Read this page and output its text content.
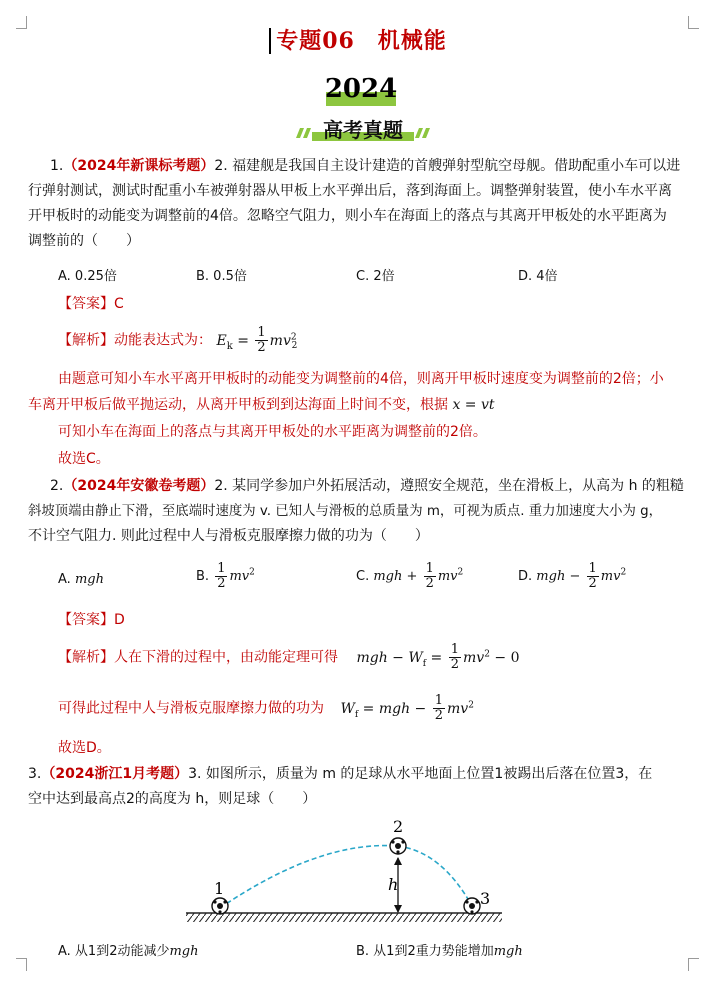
专题06　机械能
2024
高考真题
1.（2024年新课标考题）2. 福建舰是我国自主设计建造的首艘弹射型航空母舰。借助配重小车可以进
行弹射测试，测试时配重小车被弹射器从甲板上水平弹出后，落到海面上。调整弹射装置，使小车水平离
开甲板时的动能变为调整前的4倍。忽略空气阻力，则小车在海面上的落点与其离开甲板处的水平距离为
调整前的（　　）
A. 0.25倍	B. 0.5倍	C. 2倍	D. 4倍
【答案】C
【解析】动能表达式为： $E_k = \frac{1}{2} mv^2_2$
由题意可知小车水平离开甲板时的动能变为调整前的4倍，则离开甲板时速度变为调整前的2倍；小
车离开甲板后做平抛运动，从离开甲板到到达海面上时间不变，根据 x = vt
可知小车在海面上的落点与其离开甲板处的水平距离为调整前的2倍。
故选C。
2.（2024年安徽卷考题）2. 某同学参加户外拓展活动，遵照安全规范，坐在滑板上，从高为 h 的粗糙
斜坡顶端由静止下滑，至底端时速度为 v. 已知人与滑板的总质量为 m，可视为质点. 重力加速度大小为 g，
不计空气阻力. 则此过程中人与滑板克服摩擦力做的功为（　　）
A. mgh	B. $\frac{1}{2} mv^2$	C. mgh + $\frac{1}{2} mv^2$	D. mgh − $\frac{1}{2} mv^2$
【答案】D
【解析】人在下滑的过程中，由动能定理可得 mgh − $W_f = \frac{1}{2} mv^2 - 0$
可得此过程中人与滑板克服摩擦力做的功为 $W_f$ = mgh − $\frac{1}{2} mv^2$
故选D。
3.（2024浙江1月考题）3. 如图所示，质量为 m 的足球从水平地面上位置1被踢出后落在位置3，在
空中达到最高点2的高度为 h，则足球（　　）
1
2
3
h
A. 从1到2动能减少mgh	B. 从1到2重力势能增加mgh
